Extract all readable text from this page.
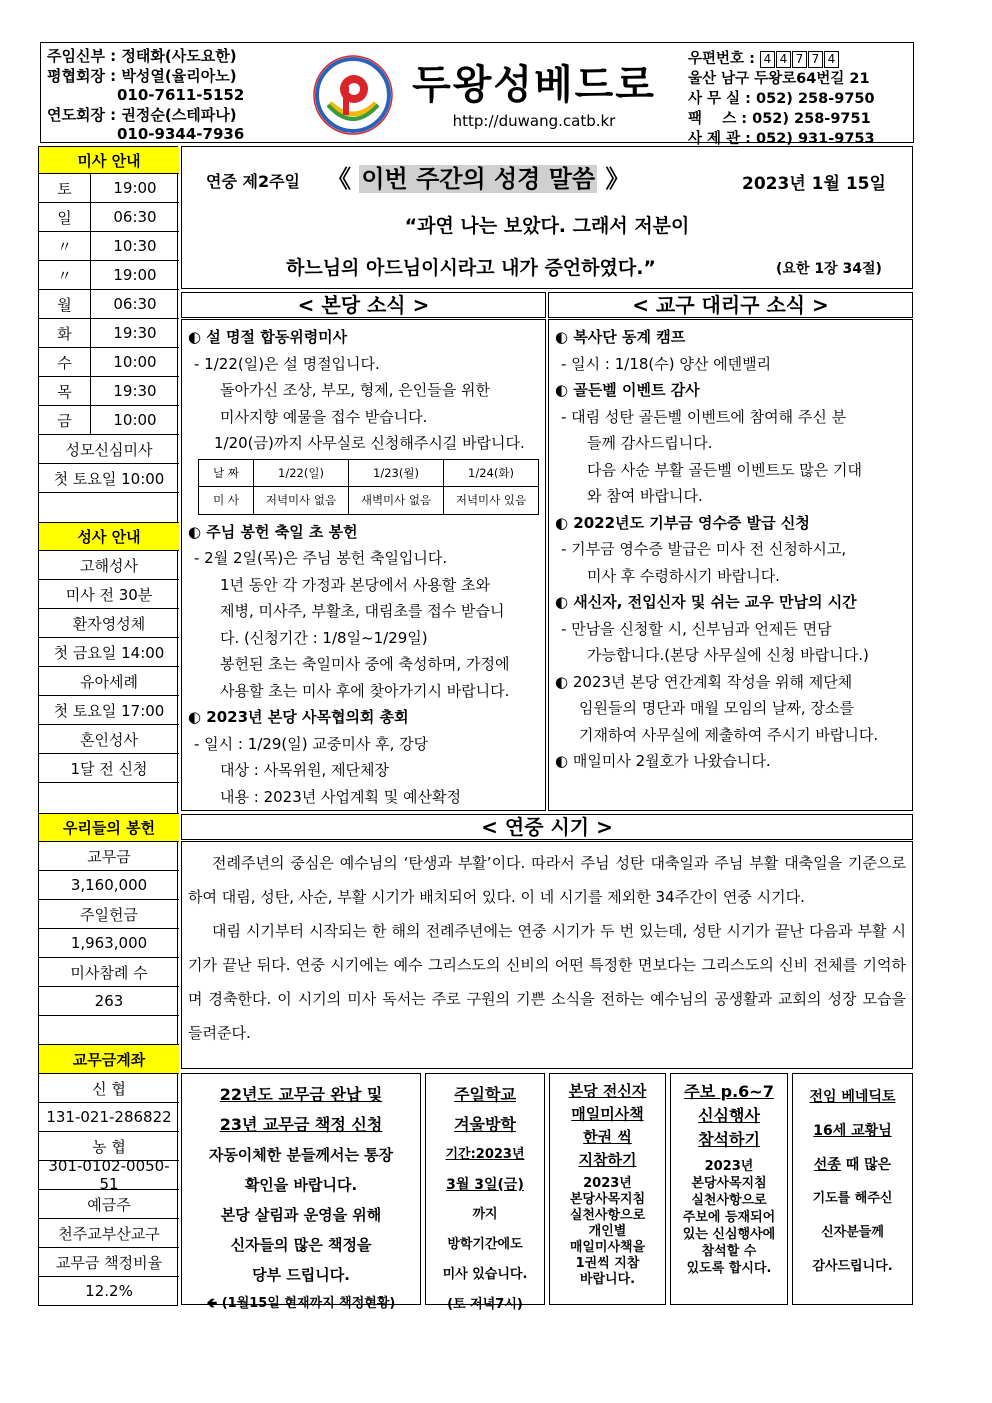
주임신부 : 정태화(사도요한)
평협회장 : 박성열(율리아노)
010-7611-5152
연도회장 : 권정순(스테파나)
010-9344-7936
두왕성베드로
http://duwang.catb.kr
우편번호 : 4 4 7 7 4
울산 남구 두왕로64번길 21
사 무 실 : 052) 258-9750
팩    스 : 052) 258-9751
사 제 관 : 052) 931-9753
미사 안내
토	19:00
일	06:30
〃	10:30
〃	19:00
월	06:30
화	19:30
수	10:00
목	19:30
금	10:00
성모신심미사
첫 토요일 10:00
성사 안내
고해성사
미사 전 30분
환자영성체
첫 금요일 14:00
유아세례
첫 토요일 17:00
혼인성사
1달 전 신청
우리들의 봉헌
교무금
3,160,000
주일헌금
1,963,000
미사참례 수
263
교무금계좌
신 협
131-021-286822
농 협
301-0102-0050-51
예금주
천주교부산교구
교무금 책정비율
12.2%
연중 제2주일 《 이번 주간의 성경 말씀 》	2023년 1월 15일
“과연 나는 보았다. 그래서 저분이
하느님의 아드님이시라고 내가 증언하였다.”	(요한 1장 34절)
< 본당 소식 >
◐ 설 명절 합동위령미사
- 1/22(일)은 설 명절입니다.
돌아가신 조상, 부모, 형제, 은인들을 위한
미사지향 예물을 접수 받습니다.
1/20(금)까지 사무실로 신청해주시길 바랍니다.
날 짜	1/22(일)	1/23(월)	1/24(화)
미 사	저녁미사 없음	새벽미사 없음	저녁미사 있음
◐ 주님 봉헌 축일 초 봉헌
- 2월 2일(목)은 주님 봉헌 축일입니다.
1년 동안 각 가정과 본당에서 사용할 초와
제병, 미사주, 부활초, 대림초를 접수 받습니
다. (신청기간 : 1/8일~1/29일)
봉헌된 초는 축일미사 중에 축성하며, 가정에
사용할 초는 미사 후에 찾아가기시 바랍니다.
◐ 2023년 본당 사목협의회 총회
- 일시 : 1/29(일) 교중미사 후, 강당
대상 : 사목위원, 제단체장
내용 : 2023년 사업계획 및 예산확정
< 교구 대리구 소식 >
◐ 복사단 동계 캠프
- 일시 : 1/18(수) 양산 에덴밸리
◐ 골든벨 이벤트 감사
- 대림 성탄 골든벨 이벤트에 참여해 주신 분
들께 감사드립니다.
다음 사순 부활 골든벨 이벤트도 많은 기대
와 참여 바랍니다.
◐ 2022년도 기부금 영수증 발급 신청
- 기부금 영수증 발급은 미사 전 신청하시고,
미사 후 수령하시기 바랍니다.
◐ 새신자, 전입신자 및 쉬는 교우 만남의 시간
- 만남을 신청할 시, 신부님과 언제든 면담
가능합니다.(본당 사무실에 신청 바랍니다.)
◐ 2023년 본당 연간계획 작성을 위해 제단체
임원들의 명단과 매월 모임의 날짜, 장소를
기재하여 사무실에 제출하여 주시기 바랍니다.
◐ 매일미사 2월호가 나왔습니다.
< 연중 시기 >

전례주년의 중심은 예수님의 ‘탄생과 부활’이다. 따라서 주님 성탄 대축일과 주님 부활 대축일을 기준으로 하여 대림, 성탄, 사순, 부활 시기가 배치되어 있다. 이 네 시기를 제외한 34주간이 연중 시기다.

대림 시기부터 시작되는 한 해의 전례주년에는 연중 시기가 두 번 있는데, 성탄 시기가 끝난 다음과 부활 시기가 끝난 뒤다. 연중 시기에는 예수 그리스도의 신비의 어떤 특정한 면보다는 그리스도의 신비 전체를 기억하며 경축한다. 이 시기의 미사 독서는 주로 구원의 기쁜 소식을 전하는 예수님의 공생활과 교회의 성장 모습을 들려준다.

22년도 교무금 완납 및
23년 교무금 책정 신청
자동이체한 분들께서는 통장
확인을 바랍니다.
본당 살림과 운영을 위해
신자들의 많은 책정을
당부 드립니다.
🡸 (1월15일 현재까지 책정현황)
주일학교
겨울방학
기간:2023년
3월 3일(금)
까지
방학기간에도
미사 있습니다.
(토 저녁7시)
본당 전신자
매일미사책
한권 씩
지참하기
2023년
본당사목지침
실천사항으로
개인별
매일미사책을
1권씩 지참
바랍니다.
주보 p.6~7
신심행사
참석하기
2023년
본당사목지침
실천사항으로
주보에 등재되어
있는 신심행사에
참석할 수
있도록 합시다.
전임 베네딕토
16세 교황님
선종 때 많은
기도를 해주신
신자분들께
감사드립니다.
